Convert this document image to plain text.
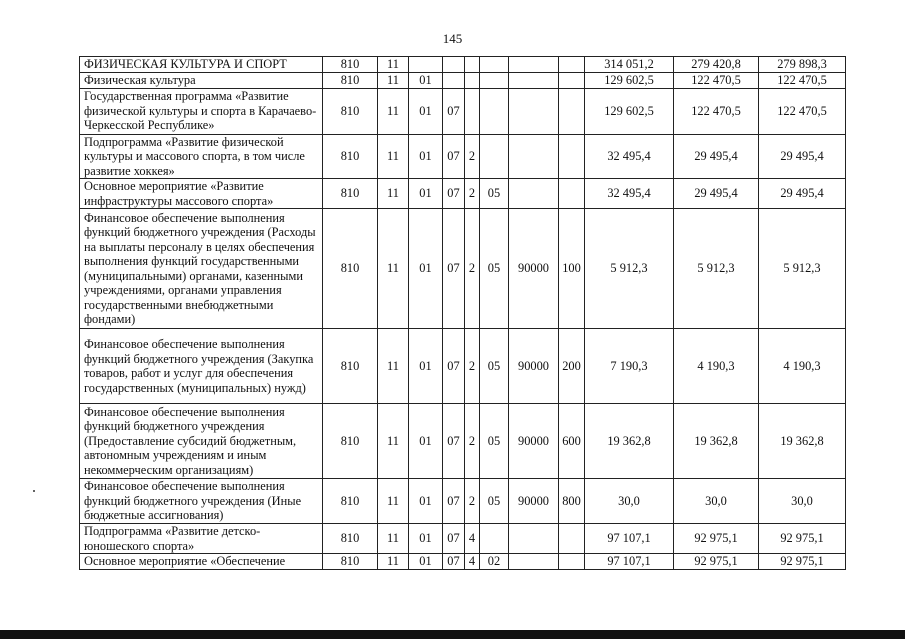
145
ФИЗИЧЕСКАЯ КУЛЬТУРА И СПОРТ	810	11							314 051,2	279 420,8	279 898,3
Физическая культура	810	11	01						129 602,5	122 470,5	122 470,5
Государственная программа «Развитие физической культуры и спорта в Карачаево-Черкесской Республике»	810	11	01	07					129 602,5	122 470,5	122 470,5
Подпрограмма «Развитие физической культуры и массового спорта, в том числе развитие хоккея»	810	11	01	07	2				32 495,4	29 495,4	29 495,4
Основное мероприятие «Развитие инфраструктуры массового спорта»	810	11	01	07	2	05			32 495,4	29 495,4	29 495,4
Финансовое обеспечение выполнения функций бюджетного учреждения (Расходы на выплаты персоналу в целях обеспечения выполнения функций государственными (муниципальными) органами, казенными учреждениями, органами управления государственными внебюджетными фондами)	810	11	01	07	2	05	90000	100	5 912,3	5 912,3	5 912,3
Финансовое обеспечение выполнения функций бюджетного учреждения (Закупка товаров, работ и услуг для обеспечения государственных (муниципальных) нужд)	810	11	01	07	2	05	90000	200	7 190,3	4 190,3	4 190,3
Финансовое обеспечение выполнения функций бюджетного учреждения (Предоставление субсидий бюджетным, автономным учреждениям и иным некоммерческим организациям)	810	11	01	07	2	05	90000	600	19 362,8	19 362,8	19 362,8
Финансовое обеспечение выполнения функций бюджетного учреждения (Иные бюджетные ассигнования)	810	11	01	07	2	05	90000	800	30,0	30,0	30,0
Подпрограмма «Развитие детско-юношеского спорта»	810	11	01	07	4				97 107,1	92 975,1	92 975,1
Основное мероприятие «Обеспечение	810	11	01	07	4	02			97 107,1	92 975,1	92 975,1
